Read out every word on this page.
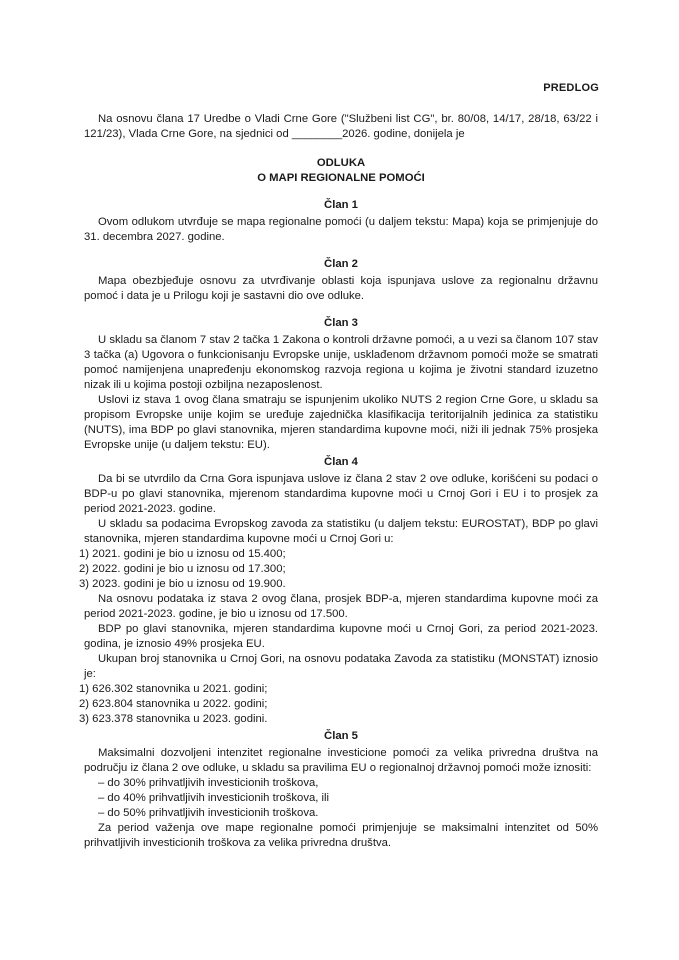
PREDLOG

Na osnovu člana 17 Uredbe o Vladi Crne Gore ("Službeni list CG", br. 80/08, 14/17, 28/18, 63/22 i 121/23), Vlada Crne Gore, na sjednici od ________2026. godine, donijela je

ODLUKA
O MAPI REGIONALNE POMOĆI
Član 1

Ovom odlukom utvrđuje se mapa regionalne pomoći (u daljem tekstu: Mapa) koja se primjenjuje do 31. decembra 2027. godine.

Član 2

Mapa obezbjeđuje osnovu za utvrđivanje oblasti koja ispunjava uslove za regionalnu državnu pomoć i data je u Prilogu koji je sastavni dio ove odluke.

Član 3

U skladu sa članom 7 stav 2 tačka 1 Zakona o kontroli državne pomoći, a u vezi sa članom 107 stav 3 tačka (a) Ugovora o funkcionisanju Evropske unije, usklađenom državnom pomoći može se smatrati pomoć namijenjena unapređenju ekonomskog razvoja regiona u kojima je životni standard izuzetno nizak ili u kojima postoji ozbiljna nezaposlenost.

Uslovi iz stava 1 ovog člana smatraju se ispunjenim ukoliko NUTS 2 region Crne Gore, u skladu sa propisom Evropske unije kojim se uređuje zajednička klasifikacija teritorijalnih jedinica za statistiku (NUTS), ima BDP po glavi stanovnika, mjeren standardima kupovne moći, niži ili jednak 75% prosjeka Evropske unije (u daljem tekstu: EU).

Član 4

Da bi se utvrdilo da Crna Gora ispunjava uslove iz člana 2 stav 2 ove odluke, korišćeni su podaci o BDP-u po glavi stanovnika, mjerenom standardima kupovne moći u Crnoj Gori i EU i to prosjek za period 2021-2023. godine.

U skladu sa podacima Evropskog zavoda za statistiku (u daljem tekstu: EUROSTAT), BDP po glavi stanovnika, mjeren standardima kupovne moći u Crnoj Gori u:

1) 2021. godini je bio u iznosu od 15.400;
2) 2022. godini je bio u iznosu od 17.300;
3) 2023. godini je bio u iznosu od 19.900.

Na osnovu podataka iz stava 2 ovog člana, prosjek BDP-a, mjeren standardima kupovne moći za period 2021-2023. godine, je bio u iznosu od 17.500.

BDP po glavi stanovnika, mjeren standardima kupovne moći u Crnoj Gori, za period 2021-2023. godina, je iznosio 49% prosjeka EU.

Ukupan broj stanovnika u Crnoj Gori, na osnovu podataka Zavoda za statistiku (MONSTAT) iznosio je:

1) 626.302 stanovnika u 2021. godini;
2) 623.804 stanovnika u 2022. godini;
3) 623.378 stanovnika u 2023. godini.
Član 5

Maksimalni dozvoljeni intenzitet regionalne investicione pomoći za velika privredna društva na području iz člana 2 ove odluke, u skladu sa pravilima EU o regionalnoj državnoj pomoći može iznositi:

– do 30% prihvatljivih investicionih troškova,
– do 40% prihvatljivih investicionih troškova, ili
– do 50% prihvatljivih investicionih troškova.

Za period važenja ove mape regionalne pomoći primjenjuje se maksimalni intenzitet od 50% prihvatljivih investicionih troškova za velika privredna društva.
